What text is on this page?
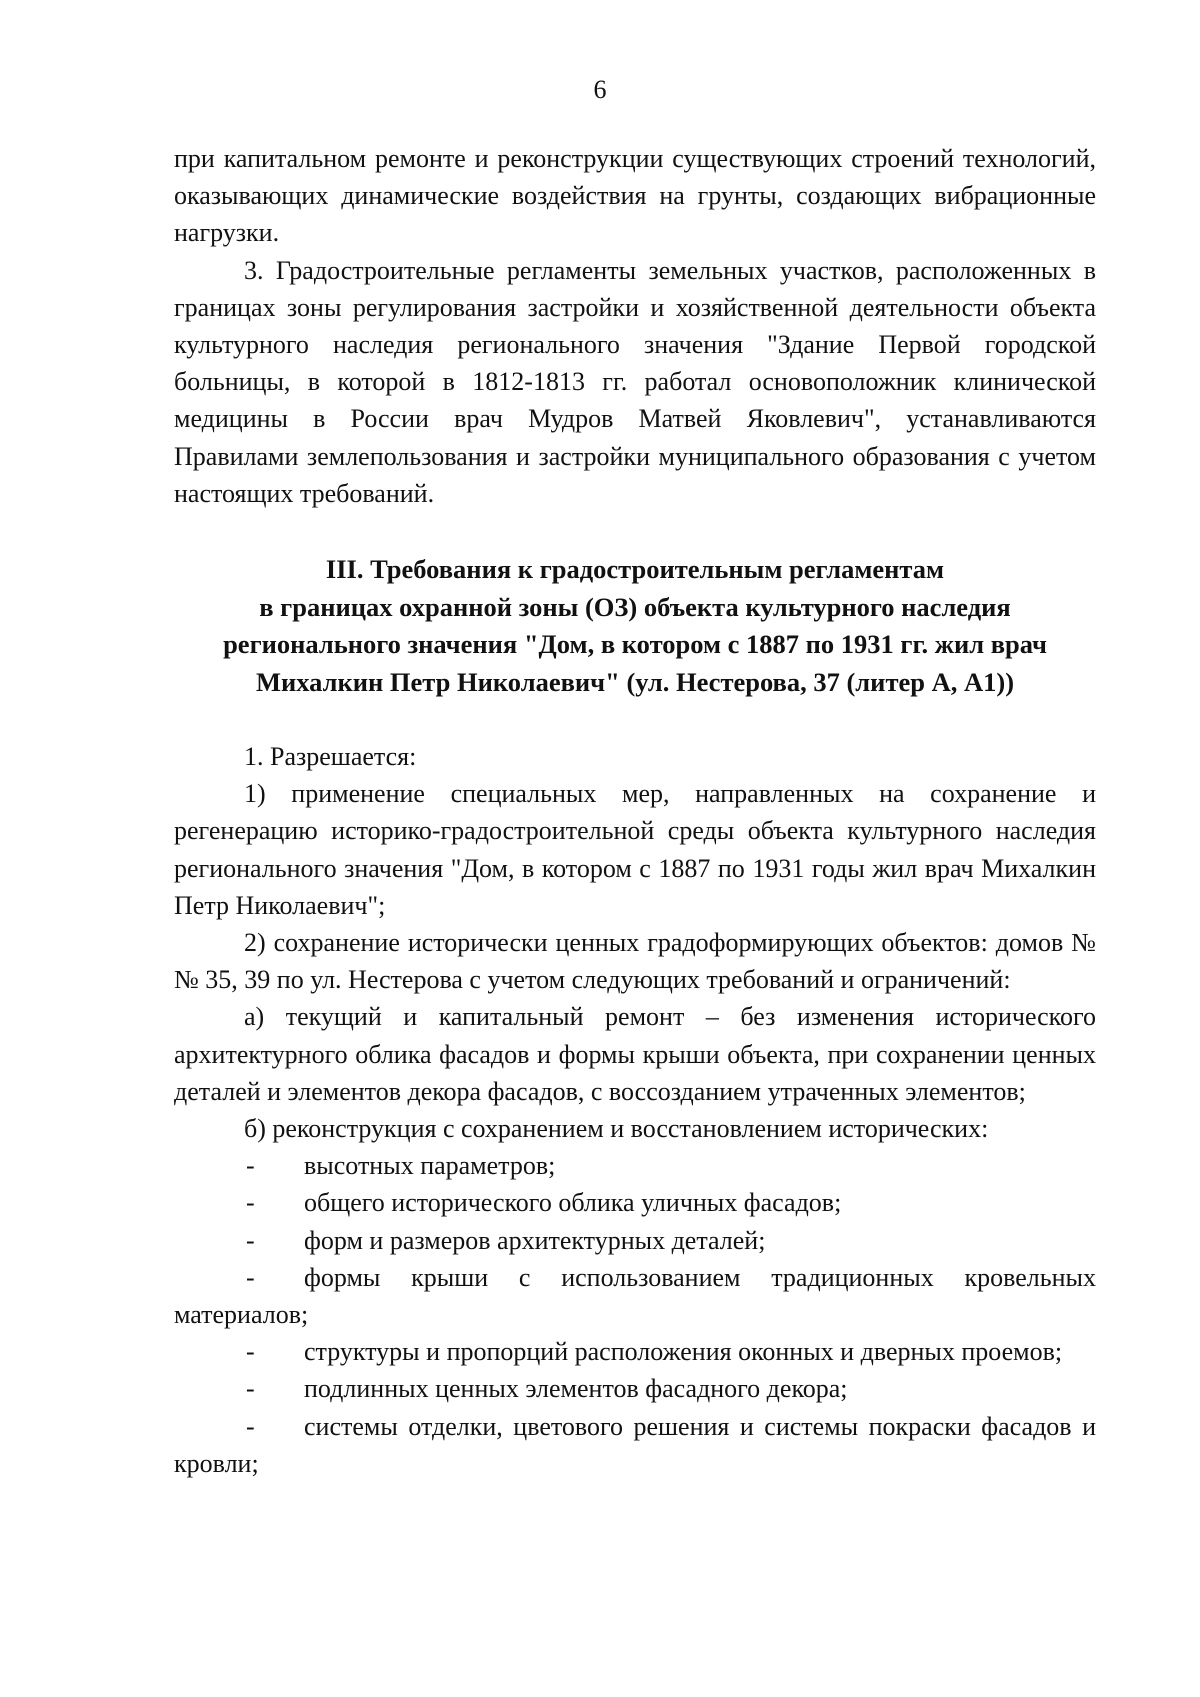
6

при капитальном ремонте и реконструкции существующих строений технологий, оказывающих динамические воздействия на грунты, создающих вибрационные нагрузки.

3. Градостроительные регламенты земельных участков, расположенных в границах зоны регулирования застройки и хозяйственной деятельности объекта культурного наследия регионального значения "Здание Первой городской больницы, в которой в 1812-1813 гг. работал основоположник клинической медицины в России врач Мудров Матвей Яковлевич", устанавливаются Правилами землепользования и застройки муниципального образования с учетом настоящих требований.

III. Требования к градостроительным регламентам
в границах охранной зоны (ОЗ) объекта культурного наследия
регионального значения "Дом, в котором с 1887 по 1931 гг. жил врач
Михалкин Петр Николаевич" (ул. Нестерова, 37 (литер А, А1))

1. Разрешается:

1) применение специальных мер, направленных на сохранение и регенерацию историко-градостроительной среды объекта культурного наследия регионального значения "Дом, в котором с 1887 по 1931 годы жил врач Михалкин Петр Николаевич";

2) сохранение исторически ценных градоформирующих объектов: домов №№ 35, 39 по ул. Нестерова с учетом следующих требований и ограничений:

а) текущий и капитальный ремонт – без изменения исторического архитектурного облика фасадов и формы крыши объекта, при сохранении ценных деталей и элементов декора фасадов, с воссозданием утраченных элементов;

б) реконструкция с сохранением и восстановлением исторических:

- высотных параметров;

- общего исторического облика уличных фасадов;

- форм и размеров архитектурных деталей;

- формы крыши с использованием традиционных кровельных материалов;

- структуры и пропорций расположения оконных и дверных проемов;

- подлинных ценных элементов фасадного декора;

- системы отделки, цветового решения и системы покраски фасадов и кровли;
